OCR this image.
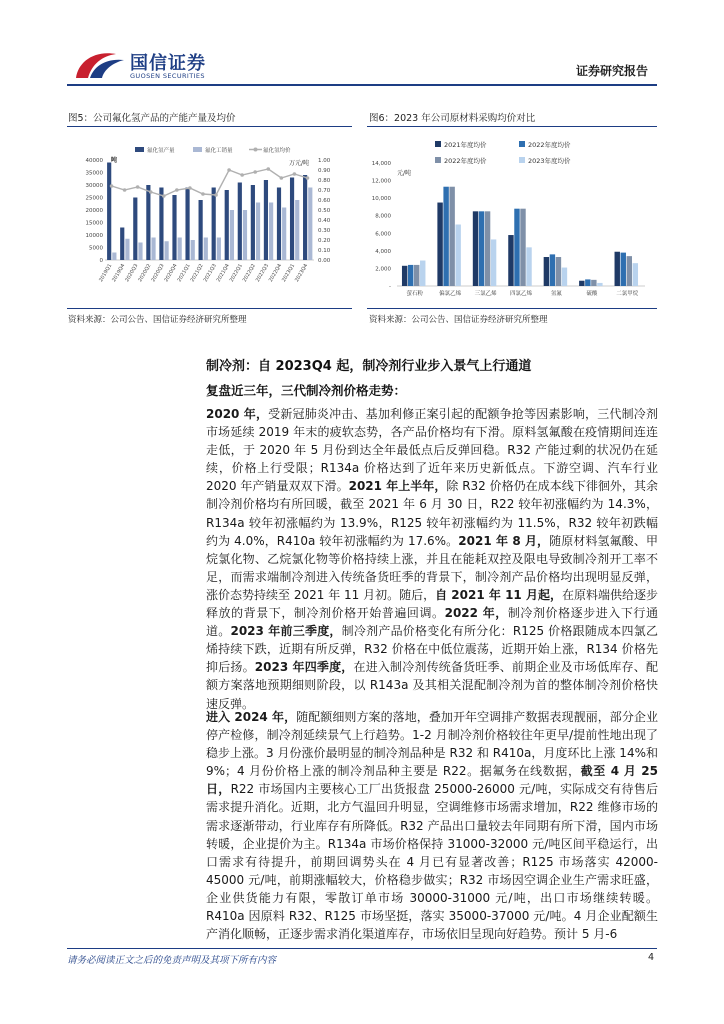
国信证券
GUOSEN SECURITIES	证券研究报告
图5：公司氟化氢产品的产能产量及均价
氟化氢产量	氟化工销量	氟化氢均价
吨	万元/吨
40000
35000
30000
25000
20000
15000
10000
5000
0
1.00
0.90
0.80
0.70
0.60
0.50
0.40
0.30
0.20
0.10
0.00
2019Q1
2019Q4
2020Q3
2020Q2
2020Q3
2020Q4
2021Q1
2021Q2
2021Q3
2021Q4
2022Q1
2022Q2
2022Q3
2022Q4
2023Q1
2023Q4
资料来源：公司公告、国信证券经济研究所整理
图6：2023 年公司原材料采购均价对比
2021年度均价	2022年度均价
2022年度均价	2023年度均价
元/吨
14,000
12,000
10,000
8,000
6,000
4,000
2,000
-
萤石粉	偏氯乙烯 三氯乙烯 四氯乙烯	氢氟	硫酸	二氯甲烷
资料来源：公司公告、国信证券经济研究所整理
制冷剂：自 2023Q4 起，制冷剂行业步入景气上行通道
复盘近三年，三代制冷剂价格走势：
2020 年，受新冠肺炎冲击、基加利修正案引起的配额争抢等因素影响，三代制冷剂市场延续 2019 年末的疲软态势，各产品价格均有下滑。原料氢氟酸在疫情期间连连走低，于 2020 年 5 月份到达全年最低点后反弹回稳。R32 产能过剩的状况仍在延续，价格上行受限；R134a 价格达到了近年来历史新低点。下游空调、汽车行业 2020 年产销量双双下滑。2021 年上半年，除 R32 价格仍在成本线下徘徊外，其余制冷剂价格均有所回暖，截至 2021 年 6 月 30 日，R22 较年初涨幅约为 14.3%，R134a 较年初涨幅约为 13.9%，R125 较年初涨幅约为 11.5%，R32 较年初跌幅约为 4.0%，R410a 较年初涨幅约为 17.6%。2021 年 8 月，随原材料氢氟酸、甲烷氯化物、乙烷氯化物等价格持续上涨，并且在能耗双控及限电导致制冷剂开工率不足，而需求端制冷剂进入传统备货旺季的背景下，制冷剂产品价格均出现明显反弹，涨价态势持续至 2021 年 11 月初。随后，自 2021 年 11 月起，在原料端供给逐步释放的背景下，制冷剂价格开始普遍回调。2022 年，制冷剂价格逐步进入下行通道。2023 年前三季度，制冷剂产品价格变化有所分化：R125 价格跟随成本四氯乙烯持续下跌，近期有所反弹，R32 价格在中低位震荡，近期开始上涨，R134 价格先抑后扬。2023 年四季度，在进入制冷剂传统备货旺季、前期企业及市场低库存、配额方案落地预期细则阶段，以 R143a 及其相关混配制冷剂为首的整体制冷剂价格快速反弹。
进入 2024 年，随配额细则方案的落地，叠加开年空调排产数据表现靓丽，部分企业停产检修，制冷剂延续景气上行趋势。1-2 月制冷剂价格较往年更早/提前性地出现了稳步上涨。3 月份涨价最明显的制冷剂品种是 R32 和 R410a，月度环比上涨 14%和 9%；4 月份价格上涨的制冷剂品种主要是 R22。据氟务在线数据，截至 4 月 25 日，R22 市场国内主要核心工厂出货报盘 25000-26000 元/吨，实际成交有待售后需求提升消化。近期，北方气温回升明显，空调维修市场需求增加，R22 维修市场的需求逐渐带动，行业库存有所降低。R32 产品出口量较去年同期有所下滑，国内市场转暖，企业提价为主。R134a 市场价格保持 31000-32000 元/吨区间平稳运行，出口需求有待提升，前期回调势头在 4 月已有显著改善；R125 市场落实 42000-45000 元/吨，前期涨幅较大，价格稳步做实；R32 市场因空调企业生产需求旺盛，企业供货能力有限，零散订单市场 30000-31000 元/吨，出口市场继续转暖。R410a 因原料 R32、R125 市场坚挺，落实 35000-37000 元/吨。4 月企业配额生产消化顺畅，正逐步需求消化渠道库存，市场依旧呈现向好趋势。预计 5 月-6
请务必阅读正文之后的免责声明及其项下所有内容	4
